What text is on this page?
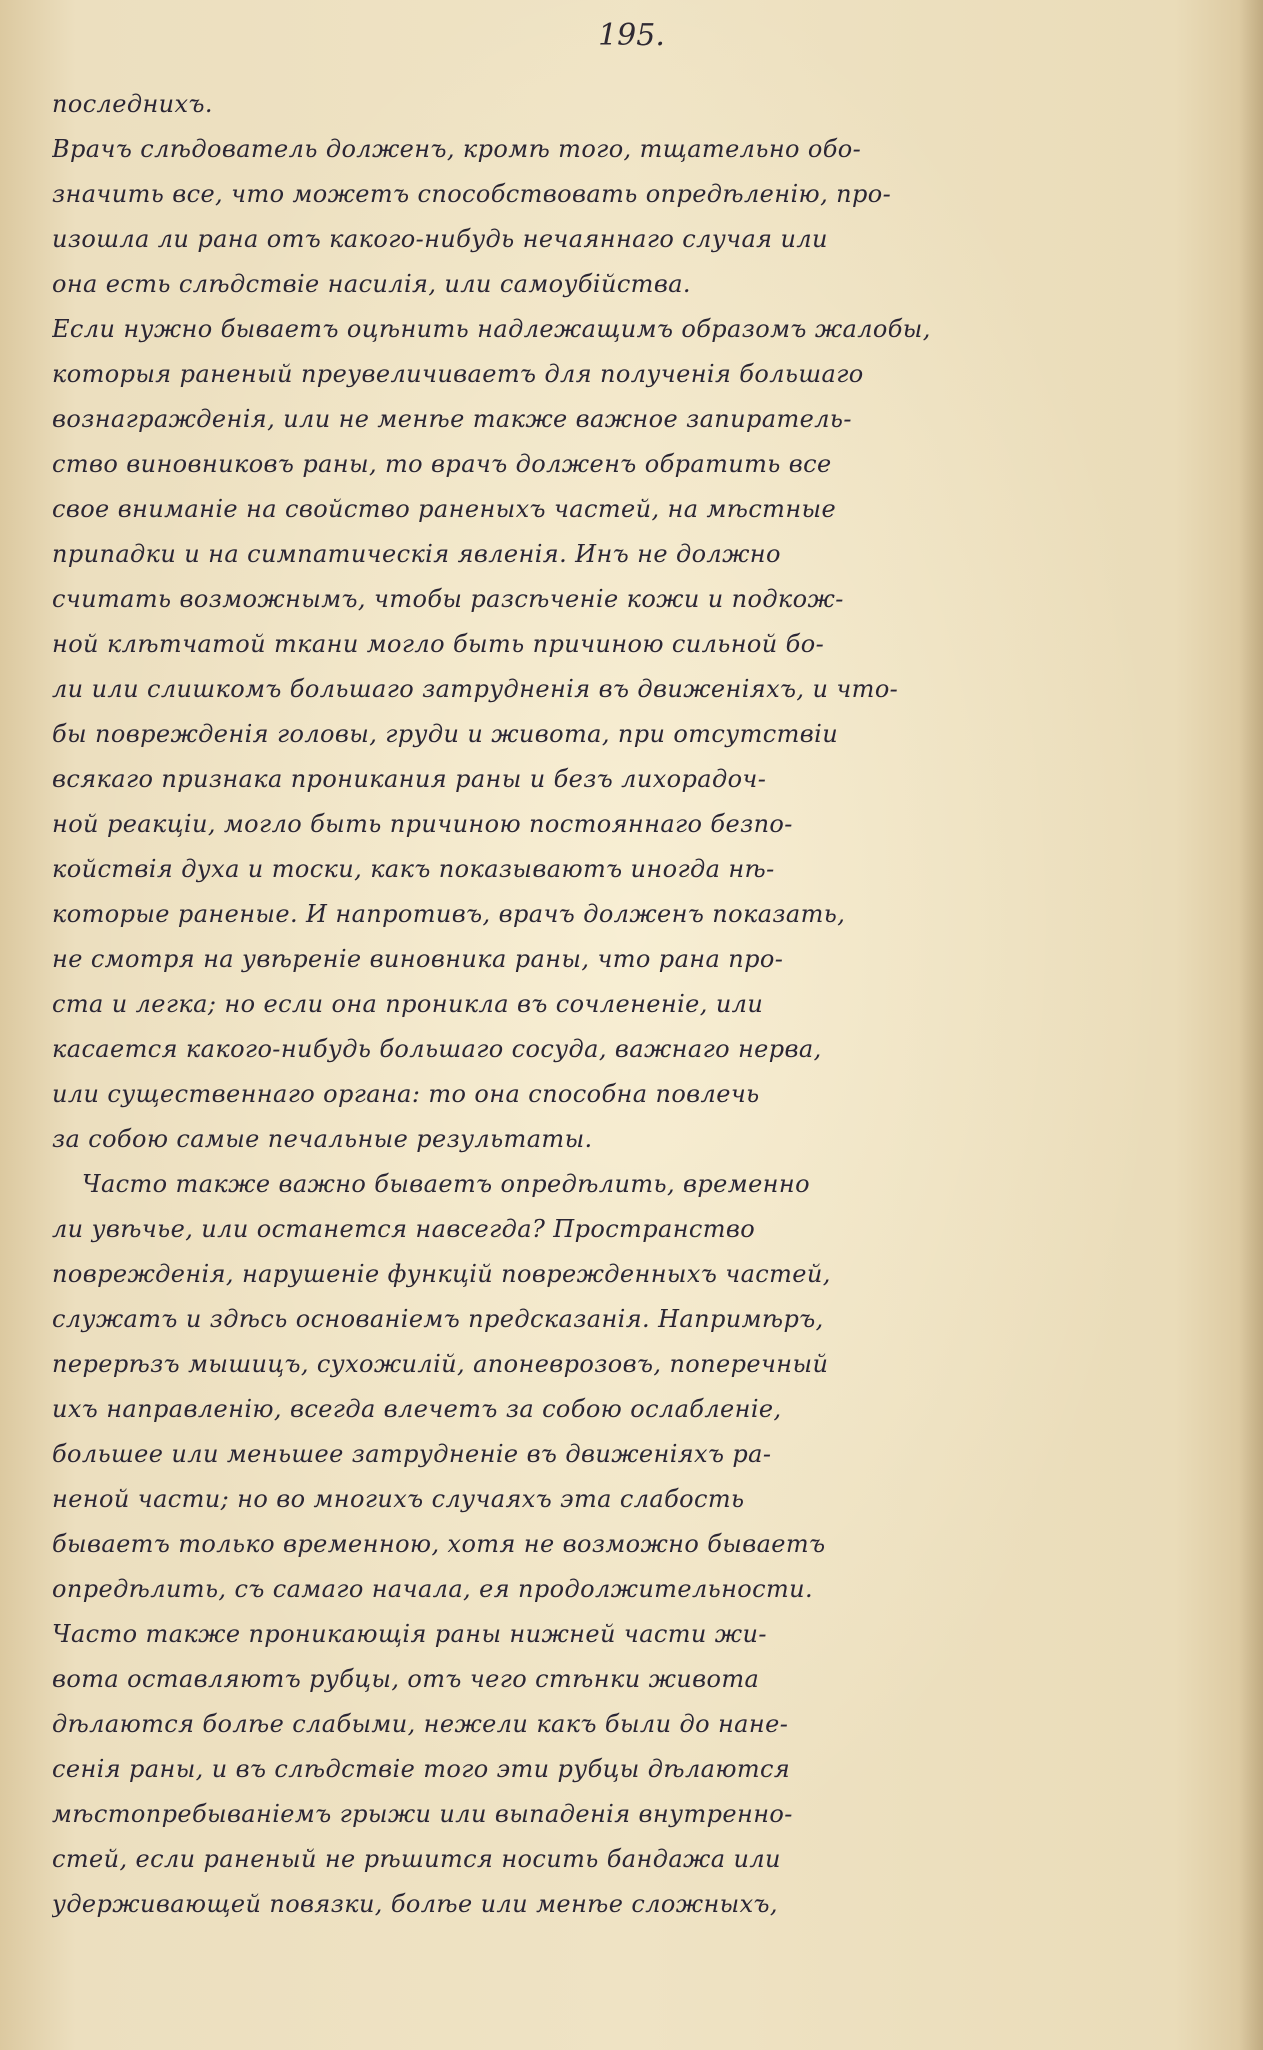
195.
последнихъ.
Врачъ слѣдователь долженъ, кромѣ того, тщательно обо-
значить все, что можетъ способствовать опредѣленію, про-
изошла ли рана отъ какого-нибудь нечаяннаго случая или
она есть слѣдствіе насилія, или самоубійства.
Если нужно бываетъ оцѣнить надлежащимъ образомъ жалобы,
которыя раненый преувеличиваетъ для полученія большаго
вознагражденія, или не менѣе также важное запиратель-
ство виновниковъ раны, то врачъ долженъ обратить все
свое вниманіе на свойство раненыхъ частей, на мѣстные
припадки и на симпатическія явленія. Инъ не должно
считать возможнымъ, чтобы разсѣченіе кожи и подкож-
ной клѣтчатой ткани могло быть причиною сильной бо-
ли или слишкомъ большаго затрудненія въ движеніяхъ, и что-
бы поврежденія головы, груди и живота, при отсутствіи
всякаго признака проникания раны и безъ лихорадоч-
ной реакціи, могло быть причиною постояннаго безпо-
койствія духа и тоски, какъ показываютъ иногда нѣ-
которые раненые. И напротивъ, врачъ долженъ показать,
не смотря на увѣреніе виновника раны, что рана про-
ста и легка; но если она проникла въ сочлененіе, или
касается какого-нибудь большаго сосуда, важнаго нерва,
или существеннаго органа: то она способна повлечь
за собою самые печальные результаты.
Часто также важно бываетъ опредѣлить, временно
ли увѣчье, или останется навсегда? Пространство
поврежденія, нарушеніе функцій поврежденныхъ частей,
служатъ и здѣсь основаніемъ предсказанія. Напримѣръ,
перерѣзъ мышицъ, сухожилій, апоневрозовъ, поперечный
ихъ направленію, всегда влечетъ за собою ослабленіе,
большее или меньшее затрудненіе въ движеніяхъ ра-
неной части; но во многихъ случаяхъ эта слабость
бываетъ только временною, хотя не возможно бываетъ
опредѣлить, съ самаго начала, ея продолжительности.
Часто также проникающія раны нижней части жи-
вота оставляютъ рубцы, отъ чего стѣнки живота
дѣлаются болѣе слабыми, нежели какъ были до нане-
сенія раны, и въ слѣдствіе того эти рубцы дѣлаются
мѣстопребываніемъ грыжи или выпаденія внутренно-
стей, если раненый не рѣшится носить бандажа или
удерживающей повязки, болѣе или менѣе сложныхъ,
